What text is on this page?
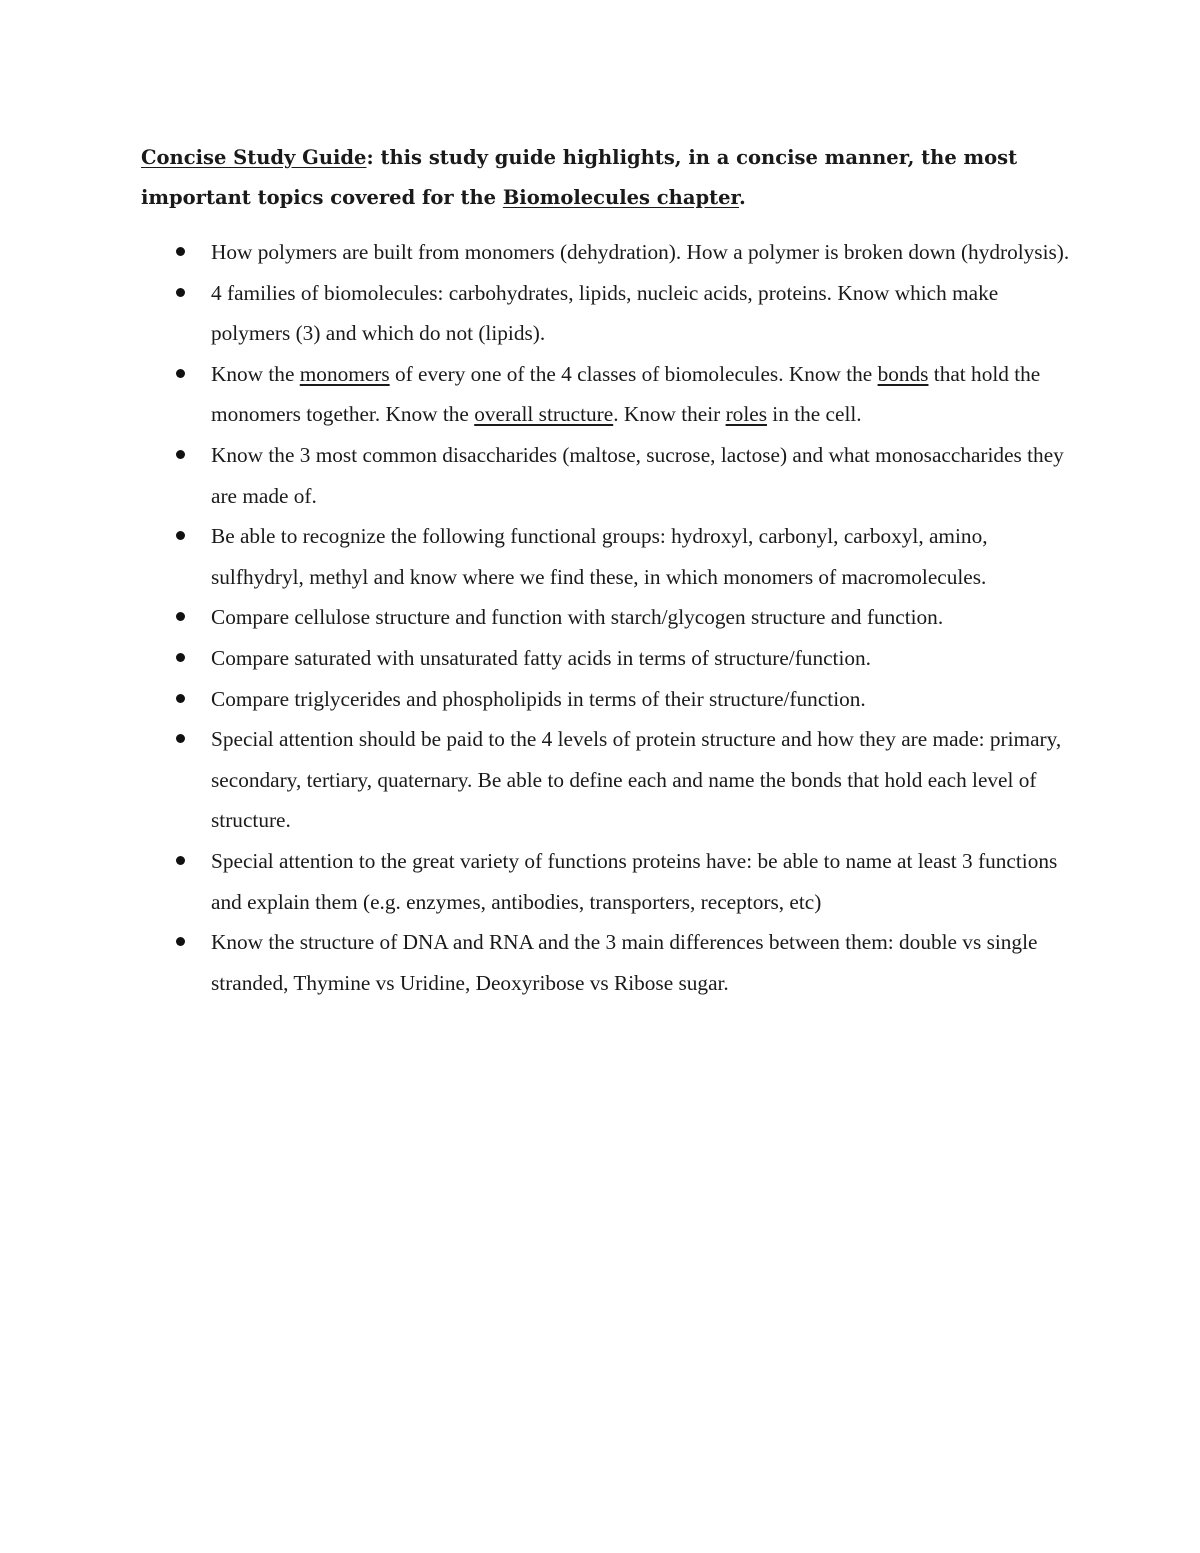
Concise Study Guide: this study guide highlights, in a concise manner, the most important topics covered for the Biomolecules chapter.

How polymers are built from monomers (dehydration). How a polymer is broken down (hydrolysis).
4 families of biomolecules: carbohydrates, lipids, nucleic acids, proteins. Know which make polymers (3) and which do not (lipids).
Know the monomers of every one of the 4 classes of biomolecules. Know the bonds that hold the monomers together. Know the overall structure. Know their roles in the cell.
Know the 3 most common disaccharides (maltose, sucrose, lactose) and what monosaccharides they are made of.
Be able to recognize the following functional groups: hydroxyl, carbonyl, carboxyl, amino, sulfhydryl, methyl and know where we find these, in which monomers of macromolecules.
Compare cellulose structure and function with starch/glycogen structure and function.
Compare saturated with unsaturated fatty acids in terms of structure/function.
Compare triglycerides and phospholipids in terms of their structure/function.
Special attention should be paid to the 4 levels of protein structure and how they are made: primary, secondary, tertiary, quaternary. Be able to define each and name the bonds that hold each level of structure.
Special attention to the great variety of functions proteins have: be able to name at least 3 functions and explain them (e.g. enzymes, antibodies, transporters, receptors, etc)
Know the structure of DNA and RNA and the 3 main differences between them: double vs single stranded, Thymine vs Uridine, Deoxyribose vs Ribose sugar.
